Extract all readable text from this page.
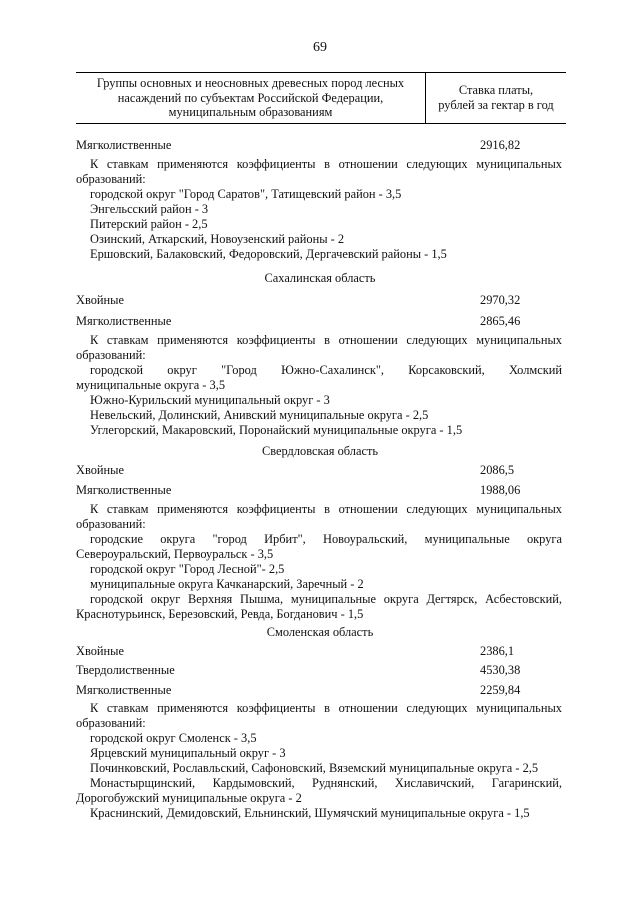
69
Группы основных и неосновных древесных пород лесных
насаждений по субъектам Российской Федерации,
муниципальным образованиям
Ставка платы,
рублей за гектар в год
Мягколиственные	2916,82

К ставкам применяются коэффициенты в отношении следующих муниципальных

образований:

городской округ "Город Саратов", Татищевский район - 3,5

Энгельсский район - 3

Питерский район - 2,5

Озинский, Аткарский, Новоузенский районы - 2

Ершовский, Балаковский, Федоровский, Дергачевский районы - 1,5

Сахалинская область
Хвойные	2970,32
Мягколиственные	2865,46

К ставкам применяются коэффициенты в отношении следующих муниципальных

образований:

городской округ "Город Южно-Сахалинск", Корсаковский, Холмский

муниципальные округа - 3,5

Южно-Курильский муниципальный округ - 3

Невельский, Долинский, Анивский муниципальные округа - 2,5

Углегорский, Макаровский, Поронайский муниципальные округа - 1,5

Свердловская область
Хвойные	2086,5
Мягколиственные	1988,06

К ставкам применяются коэффициенты в отношении следующих муниципальных

образований:

городские округа "город Ирбит", Новоуральский, муниципальные округа

Североуральский, Первоуральск - 3,5

городской округ "Город Лесной"- 2,5

муниципальные округа Качканарский, Заречный - 2

городской округ Верхняя Пышма, муниципальные округа Дегтярск, Асбестовский,

Краснотурьинск, Березовский, Ревда, Богданович - 1,5

Смоленская область
Хвойные	2386,1
Твердолиственные	4530,38
Мягколиственные	2259,84

К ставкам применяются коэффициенты в отношении следующих муниципальных

образований:

городской округ Смоленск - 3,5

Ярцевский муниципальный округ - 3

Починковский, Рославльский, Сафоновский, Вяземский муниципальные округа - 2,5

Монастырщинский, Кардымовский, Руднянский, Хиславичский, Гагаринский,

Дорогобужский муниципальные округа - 2

Краснинский, Демидовский, Ельнинский, Шумячский муниципальные округа - 1,5
